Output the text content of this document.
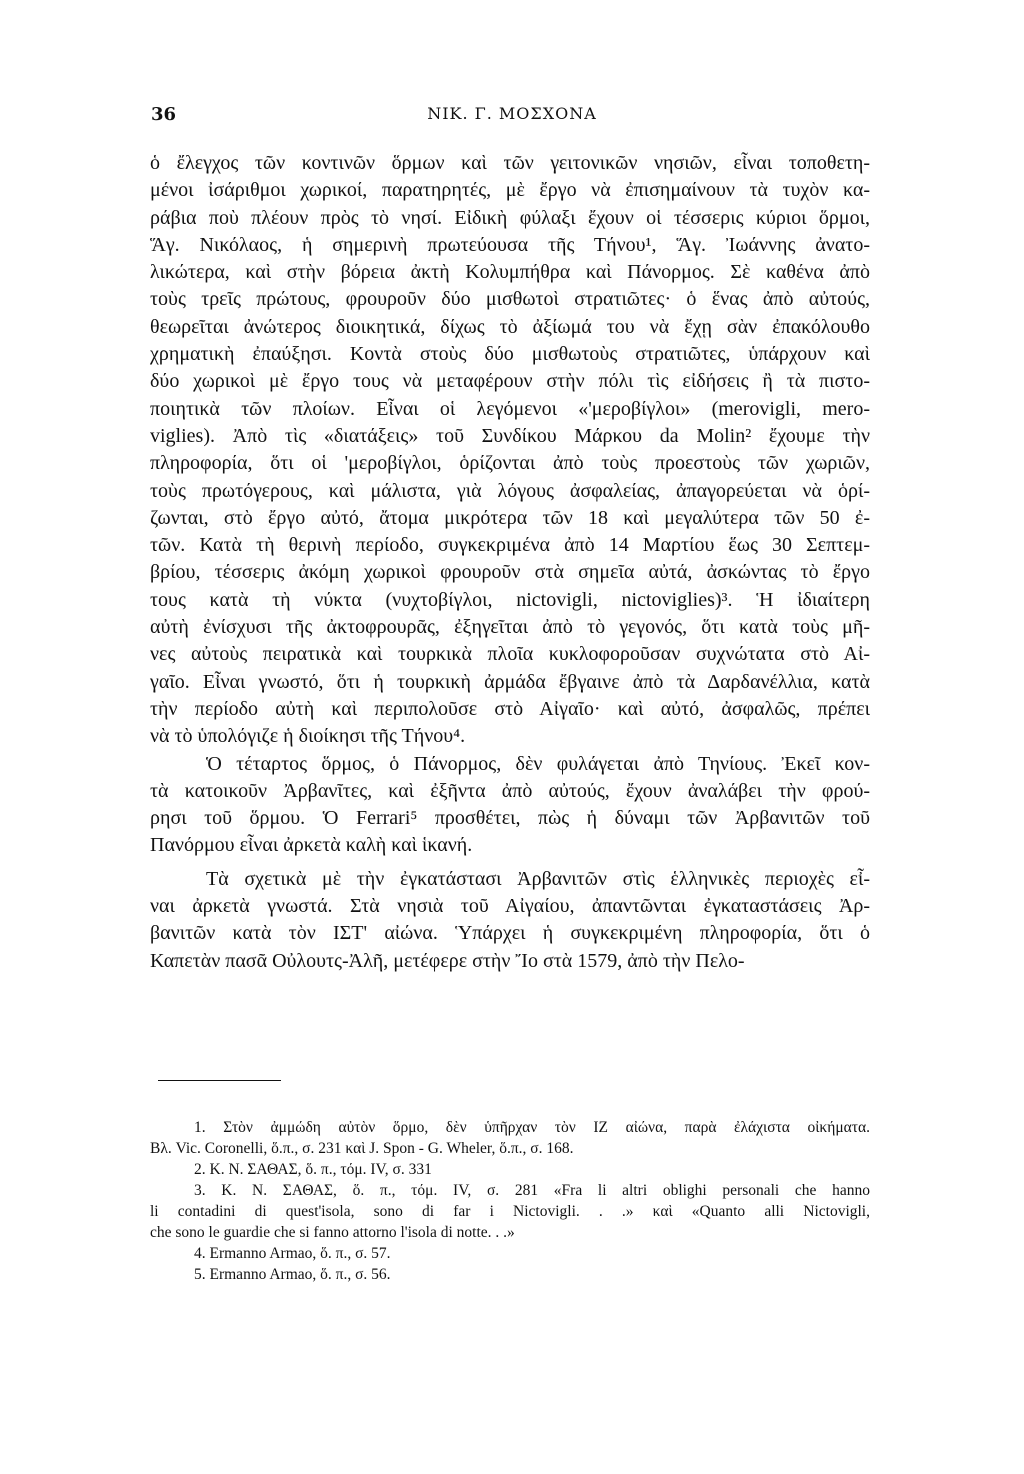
36	ΝΙΚ. Γ. ΜΟΣΧΟΝΑ

ὁ ἔλεγχος τῶν κοντινῶν ὅρμων καὶ τῶν γειτονικῶν νησιῶν, εἶναι τοποθετη-
μένοι ἰσάριθμοι χωρικοί, παρατηρητές, μὲ ἔργο νὰ ἐπισημαίνουν τὰ τυχὸν κα-
ράβια ποὺ πλέουν πρὸς τὸ νησί. Εἰδικὴ φύλαξι ἔχουν οἱ τέσσερις κύριοι ὅρμοι,
Ἅγ. Νικόλαος, ἡ σημερινὴ πρωτεύουσα τῆς Τήνου¹, Ἅγ. Ἰωάννης ἀνατο-
λικώτερα, καὶ στὴν βόρεια ἀκτὴ Κολυμπήθρα καὶ Πάνορμος. Σὲ καθένα ἀπὸ
τοὺς τρεῖς πρώτους, φρουροῦν δύο μισθωτοὶ στρατιῶτες· ὁ ἕνας ἀπὸ αὐτούς,
θεωρεῖται ἀνώτερος διοικητικά, δίχως τὸ ἀξίωμά του νὰ ἔχῃ σὰν ἐπακόλουθο
χρηματικὴ ἐπαύξησι. Κοντὰ στοὺς δύο μισθωτοὺς στρατιῶτες, ὑπάρχουν καὶ
δύο χωρικοὶ μὲ ἔργο τους νὰ μεταφέρουν στὴν πόλι τὶς εἰδήσεις ἢ τὰ πιστο-
ποιητικὰ τῶν πλοίων. Εἶναι οἱ λεγόμενοι «'μεροβίγλοι» (merovigli, mero-
viglies). Ἀπὸ τὶς «διατάξεις» τοῦ Συνδίκου Μάρκου da Molin² ἔχουμε τὴν
πληροφορία, ὅτι οἱ 'μεροβίγλοι, ὁρίζονται ἀπὸ τοὺς προεστοὺς τῶν χωριῶν,
τοὺς πρωτόγερους, καὶ μάλιστα, γιὰ λόγους ἀσφαλείας, ἀπαγορεύεται νὰ ὁρί-
ζωνται, στὸ ἔργο αὐτό, ἄτομα μικρότερα τῶν 18 καὶ μεγαλύτερα τῶν 50 ἐ-
τῶν. Κατὰ τὴ θερινὴ περίοδο, συγκεκριμένα ἀπὸ 14 Μαρτίου ἕως 30 Σεπτεμ-
βρίου, τέσσερις ἀκόμη χωρικοὶ φρουροῦν στὰ σημεῖα αὐτά, ἀσκώντας τὸ ἔργο
τους κατὰ τὴ νύκτα (νυχτοβίγλοι, nictovigli, nictoviglies)³. Ἡ ἰδιαίτερη
αὐτὴ ἐνίσχυσι τῆς ἀκτοφρουρᾶς, ἐξηγεῖται ἀπὸ τὸ γεγονός, ὅτι κατὰ τοὺς μῆ-
νες αὐτοὺς πειρατικὰ καὶ τουρκικὰ πλοῖα κυκλοφοροῦσαν συχνώτατα στὸ Αἰ-
γαῖο. Εἶναι γνωστό, ὅτι ἡ τουρκικὴ ἀρμάδα ἔβγαινε ἀπὸ τὰ Δαρδανέλλια, κατὰ
τὴν περίοδο αὐτὴ καὶ περιπολοῦσε στὸ Αἰγαῖο· καὶ αὐτό, ἀσφαλῶς, πρέπει
νὰ τὸ ὑπολόγιζε ἡ διοίκησι τῆς Τήνου⁴.

Ὁ τέταρτος ὅρμος, ὁ Πάνορμος, δὲν φυλάγεται ἀπὸ Τηνίους. Ἐκεῖ κον-
τὰ κατοικοῦν Ἀρβανῖτες, καὶ ἐξῆντα ἀπὸ αὐτούς, ἔχουν ἀναλάβει τὴν φρού-
ρησι τοῦ ὅρμου. Ὁ Ferrari⁵ προσθέτει, πὼς ἡ δύναμι τῶν Ἀρβανιτῶν τοῦ
Πανόρμου εἶναι ἀρκετὰ καλὴ καὶ ἱκανή.

Τὰ σχετικὰ μὲ τὴν ἐγκατάστασι Ἀρβανιτῶν στὶς ἑλληνικὲς περιοχὲς εἶ-
ναι ἀρκετὰ γνωστά. Στὰ νησιὰ τοῦ Αἰγαίου, ἀπαντῶνται ἐγκαταστάσεις Ἀρ-
βανιτῶν κατὰ τὸν ΙΣΤ' αἰώνα. Ὑπάρχει ἡ συγκεκριμένη πληροφορία, ὅτι ὁ
Καπετὰν πασᾶ Οὐλουτς-Ἀλῆ, μετέφερε στὴν Ἴο στὰ 1579, ἀπὸ τὴν Πελο-

1. Στὸν ἀμμώδη αὐτὸν ὅρμο, δὲν ὑπῆρχαν τὸν ΙΖ αἰώνα, παρὰ ἐλάχιστα οἰκήματα.
Βλ. Vic. Coronelli, ὅ.π., σ. 231 καὶ J. Spon - G. Wheler, ὅ.π., σ. 168.
2. Κ. Ν. ΣΑΘΑΣ, ὅ. π., τόμ. IV, σ. 331
3. Κ. Ν. ΣΑΘΑΣ, ὅ. π., τόμ. IV, σ. 281 «Fra li altri oblighi personali che hanno
li contadini di quest'isola, sono di far i Nictovigli. . .» καὶ «Quanto alli Nictovigli,
che sono le guardie che si fanno attorno l'isola di notte. . .»
4. Ermanno Armao, ὅ. π., σ. 57.
5. Ermanno Armao, ὅ. π., σ. 56.
